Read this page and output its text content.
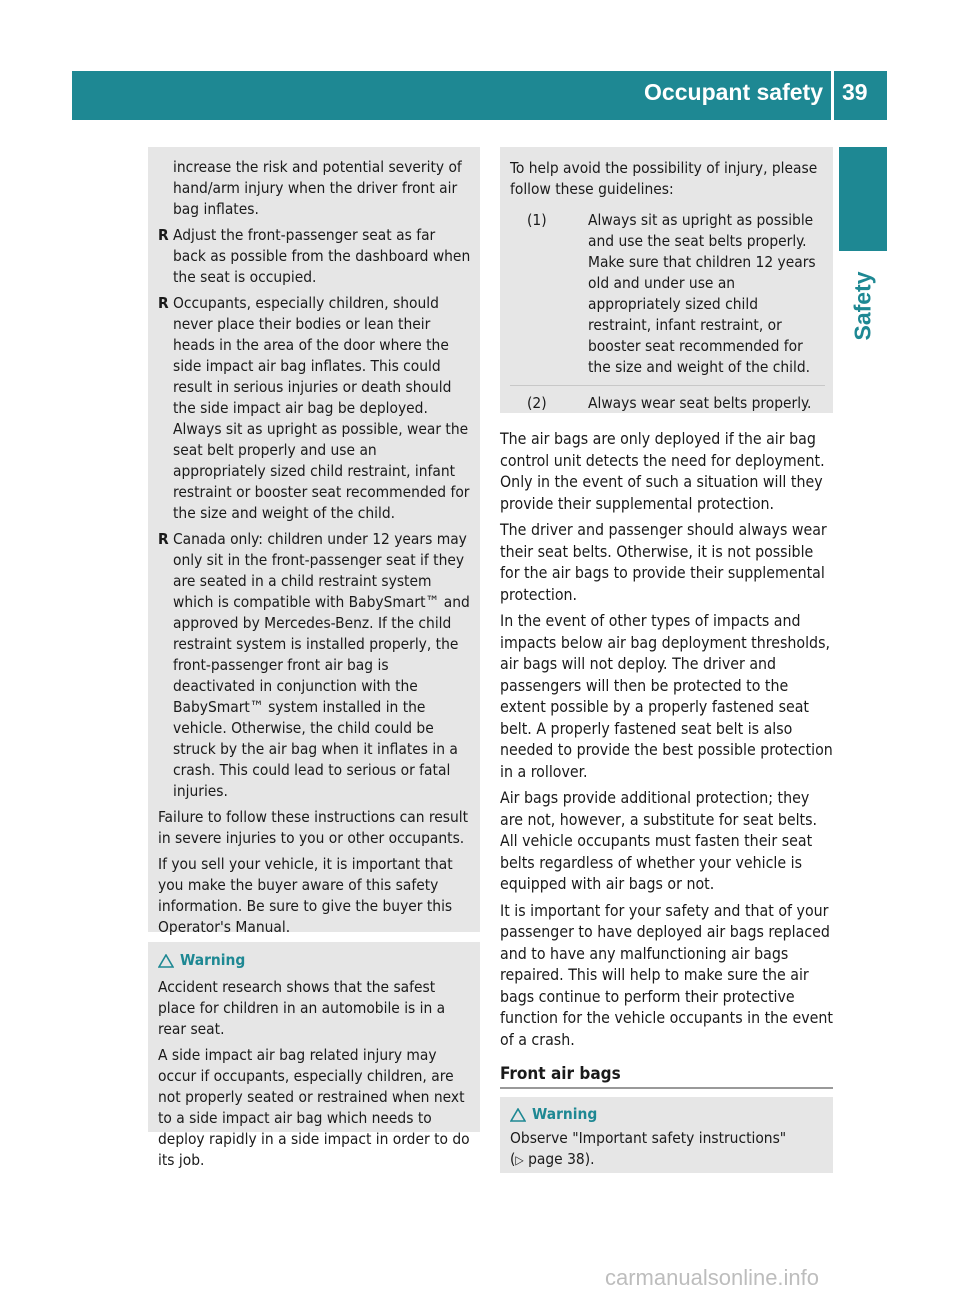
Occupant safety 39
Safety

increase the risk and potential severity of hand/arm injury when the driver front air bag inflates.

R Adjust the front-passenger seat as far back as possible from the dashboard when the seat is occupied.
R Occupants, especially children, should never place their bodies or lean their heads in the area of the door where the side impact air bag inflates. This could result in serious injuries or death should the side impact air bag be deployed. Always sit as upright as possible, wear the seat belt properly and use an appropriately sized child restraint, infant restraint or booster seat recommended for the size and weight of the child.
R Canada only: children under 12 years may only sit in the front-passenger seat if they are seated in a child restraint system which is compatible with BabySmart™ and approved by Mercedes-Benz. If the child restraint system is installed properly, the front-passenger front air bag is deactivated in conjunction with the BabySmart™ system installed in the vehicle. Otherwise, the child could be struck by the air bag when it inflates in a crash. This could lead to serious or fatal injuries.

Failure to follow these instructions can result in severe injuries to you or other occupants.

If you sell your vehicle, it is important that you make the buyer aware of this safety information. Be sure to give the buyer this Operator's Manual.

Warning

Accident research shows that the safest place for children in an automobile is in a rear seat.

A side impact air bag related injury may occur if occupants, especially children, are not properly seated or restrained when next to a side impact air bag which needs to deploy rapidly in a side impact in order to do its job.

To help avoid the possibility of injury, please follow these guidelines:

(1)	Always sit as upright as possible and use the seat belts properly. Make sure that children 12 years old and under use an appropriately sized child restraint, infant restraint, or booster seat recommended for the size and weight of the child.
(2)	Always wear seat belts properly.

The air bags are only deployed if the air bag control unit detects the need for deployment. Only in the event of such a situation will they provide their supplemental protection.

The driver and passenger should always wear their seat belts. Otherwise, it is not possible for the air bags to provide their supplemental protection.

In the event of other types of impacts and impacts below air bag deployment thresholds, air bags will not deploy. The driver and passengers will then be protected to the extent possible by a properly fastened seat belt. A properly fastened seat belt is also needed to provide the best possible protection in a rollover.

Air bags provide additional protection; they are not, however, a substitute for seat belts. All vehicle occupants must fasten their seat belts regardless of whether your vehicle is equipped with air bags or not.

It is important for your safety and that of your passenger to have deployed air bags replaced and to have any malfunctioning air bags repaired. This will help to make sure the air bags continue to perform their protective function for the vehicle occupants in the event of a crash.

Front air bags
Warning

Observe "Important safety instructions"

(▷ page 38).

carmanualsonline.info
